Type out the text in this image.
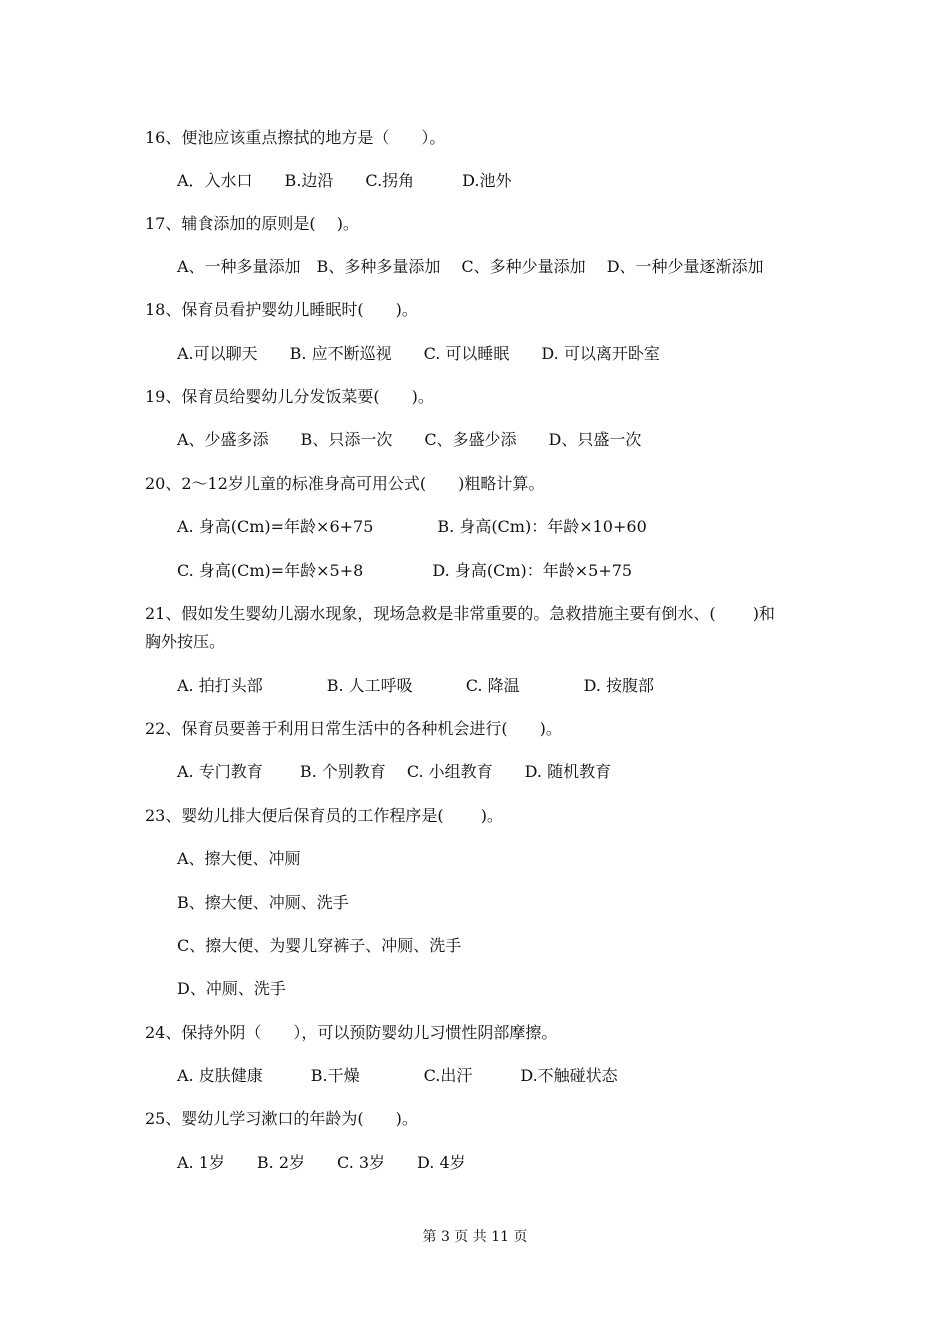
16、便池应该重点擦拭的地方是（　　）。
A．入水口　　B.边沿　　C.拐角　　　D.池外
17、辅食添加的原则是(　 )。
A、一种多量添加　B、多种多量添加　 C、多种少量添加　 D、一种少量逐渐添加
18、保育员看护婴幼儿睡眠时(　　)。
A.可以聊天　　B. 应不断巡视　　C. 可以睡眠　　D. 可以离开卧室
19、保育员给婴幼儿分发饭菜要(　　)。
A、少盛多添　　B、只添一次　　C、多盛少添　　D、只盛一次
20、2～12岁儿童的标准身高可用公式(　　)粗略计算。
A. 身高(Cm)=年龄×6+75　　　　B. 身高(Cm)：年龄×10+60
C. 身高(Cm)=年龄×5+8　　　　 D. 身高(Cm)：年龄×5+75
21、假如发生婴幼儿溺水现象，现场急救是非常重要的。急救措施主要有倒水、(　　 )和
胸外按压。
A. 拍打头部　　　　B. 人工呼吸　　　 C. 降温　　　　D. 按腹部
22、保育员要善于利用日常生活中的各种机会进行(　　)。
A. 专门教育　　 B. 个别教育　 C. 小组教育　　D. 随机教育
23、婴幼儿排大便后保育员的工作程序是(　　 )。
A、擦大便、冲厕
B、擦大便、冲厕、洗手
C、擦大便、为婴儿穿裤子、冲厕、洗手
D、冲厕、洗手
24、保持外阴（　　），可以预防婴幼儿习惯性阴部摩擦。
A. 皮肤健康　　　B.干燥　　　　C.出汗　　　D.不触碰状态
25、婴幼儿学习漱口的年龄为(　　)。
A. 1岁　　B. 2岁　　C. 3岁　　D. 4岁
第 3 页 共 11 页
